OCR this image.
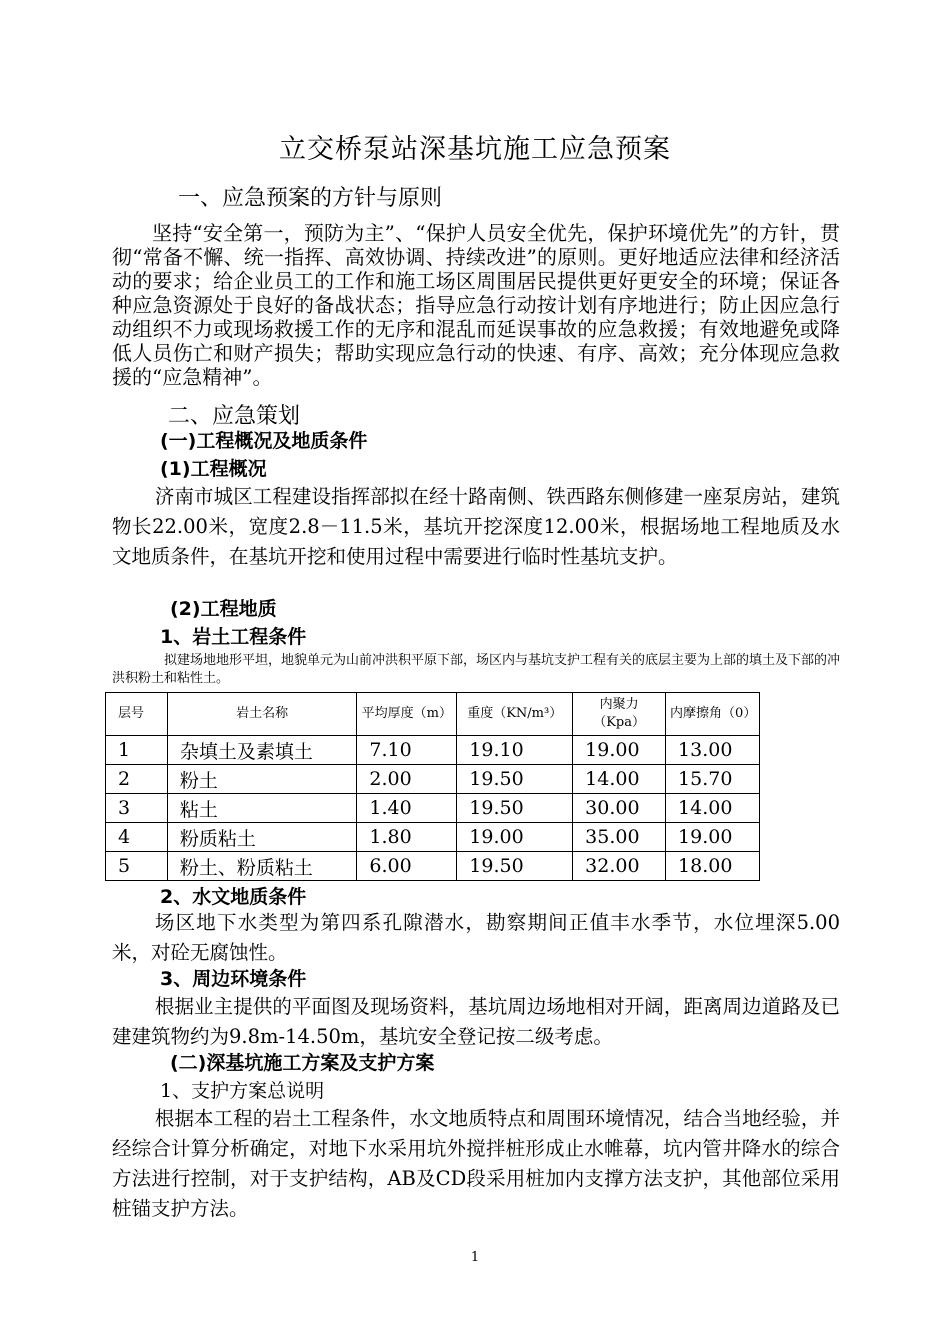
立交桥泵站深基坑施工应急预案
一、应急预案的方针与原则
坚持“安全第一，预防为主”、“保护人员安全优先，保护环境优先”的方针，贯彻“常备不懈、统一指挥、高效协调、持续改进”的原则。更好地适应法律和经济活动的要求；给企业员工的工作和施工场区周围居民提供更好更安全的环境；保证各种应急资源处于良好的备战状态；指导应急行动按计划有序地进行；防止因应急行动组织不力或现场救援工作的无序和混乱而延误事故的应急救援；有效地避免或降低人员伤亡和财产损失；帮助实现应急行动的快速、有序、高效；充分体现应急救援的“应急精神”。
二、应急策划
(一)工程概况及地质条件
(1)工程概况
济南市城区工程建设指挥部拟在经十路南侧、铁西路东侧修建一座泵房站，建筑物长22.00米，宽度2.8－11.5米，基坑开挖深度12.00米，根据场地工程地质及水文地质条件，在基坑开挖和使用过程中需要进行临时性基坑支护。
(2)工程地质
1、岩土工程条件
拟建场地地形平坦，地貌单元为山前冲洪积平原下部，场区内与基坑支护工程有关的底层主要为上部的填土及下部的冲洪积粉土和粘性土。
层号	岩土名称	平均厚度（m）	重度（KN/m³）	内聚力（Kpa）	内摩擦角（0）
1	杂填土及素填土	7.10	19.10	19.00	13.00
2	粉土	2.00	19.50	14.00	15.70
3	粘土	1.40	19.50	30.00	14.00
4	粉质粘土	1.80	19.00	35.00	19.00
5	粉土、粉质粘土	6.00	19.50	32.00	18.00
2、水文地质条件
场区地下水类型为第四系孔隙潜水，勘察期间正值丰水季节，水位埋深5.00米，对砼无腐蚀性。
3、周边环境条件
根据业主提供的平面图及现场资料，基坑周边场地相对开阔，距离周边道路及已建建筑物约为9.8m-14.50m，基坑安全登记按二级考虑。
(二)深基坑施工方案及支护方案
1、支护方案总说明
根据本工程的岩土工程条件，水文地质特点和周围环境情况，结合当地经验，并经综合计算分析确定，对地下水采用坑外搅拌桩形成止水帷幕，坑内管井降水的综合方法进行控制，对于支护结构，AB及CD段采用桩加内支撑方法支护，其他部位采用桩锚支护方法。
1
